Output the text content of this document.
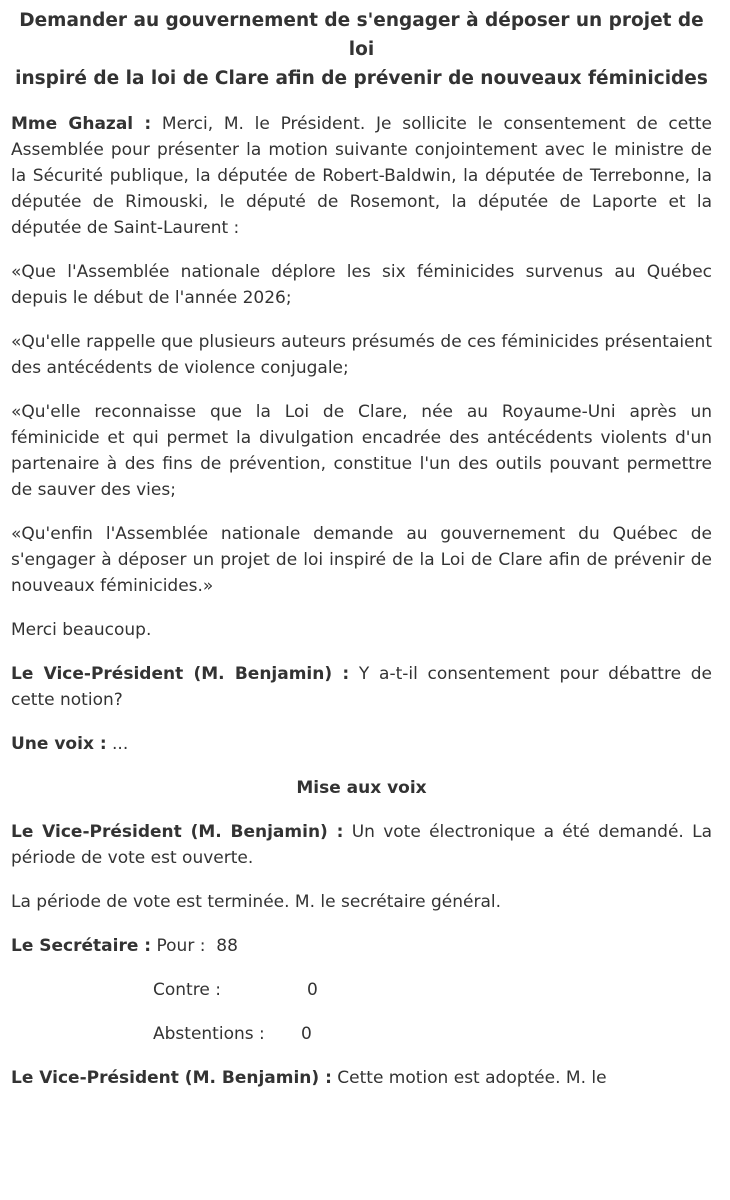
Demander au gouvernement de s'engager à déposer un projet de
loi
inspiré de la loi de Clare afin de prévenir de nouveaux féminicides

Mme Ghazal : Merci, M. le Président. Je sollicite le consentement de cette Assemblée pour présenter la motion suivante conjointement avec le ministre de la Sécurité publique, la députée de Robert-Baldwin, la députée de Terrebonne, la députée de Rimouski, le député de Rosemont, la députée de Laporte et la députée de Saint-Laurent :

«Que l'Assemblée nationale déplore les six féminicides survenus au Québec depuis le début de l'année 2026;

«Qu'elle rappelle que plusieurs auteurs présumés de ces féminicides présentaient des antécédents de violence conjugale;

«Qu'elle reconnaisse que la Loi de Clare, née au Royaume-Uni après un féminicide et qui permet la divulgation encadrée des antécédents violents d'un partenaire à des fins de prévention, constitue l'un des outils pouvant permettre de sauver des vies;

«Qu'enfin l'Assemblée nationale demande au gouvernement du Québec de s'engager à déposer un projet de loi inspiré de la Loi de Clare afin de prévenir de nouveaux féminicides.»

Merci beaucoup.

Le Vice-Président (M. Benjamin) : Y a-t-il consentement pour débattre de cette notion?

Une voix : ...

Mise aux voix

Le Vice-Président (M. Benjamin) : Un vote électronique a été demandé. La période de vote est ouverte.

La période de vote est terminée. M. le secrétaire général.

Le Secrétaire : Pour :  88
Contre :	0
Abstentions : 0

Le Vice-Président (M. Benjamin) : Cette motion est adoptée. M. le
